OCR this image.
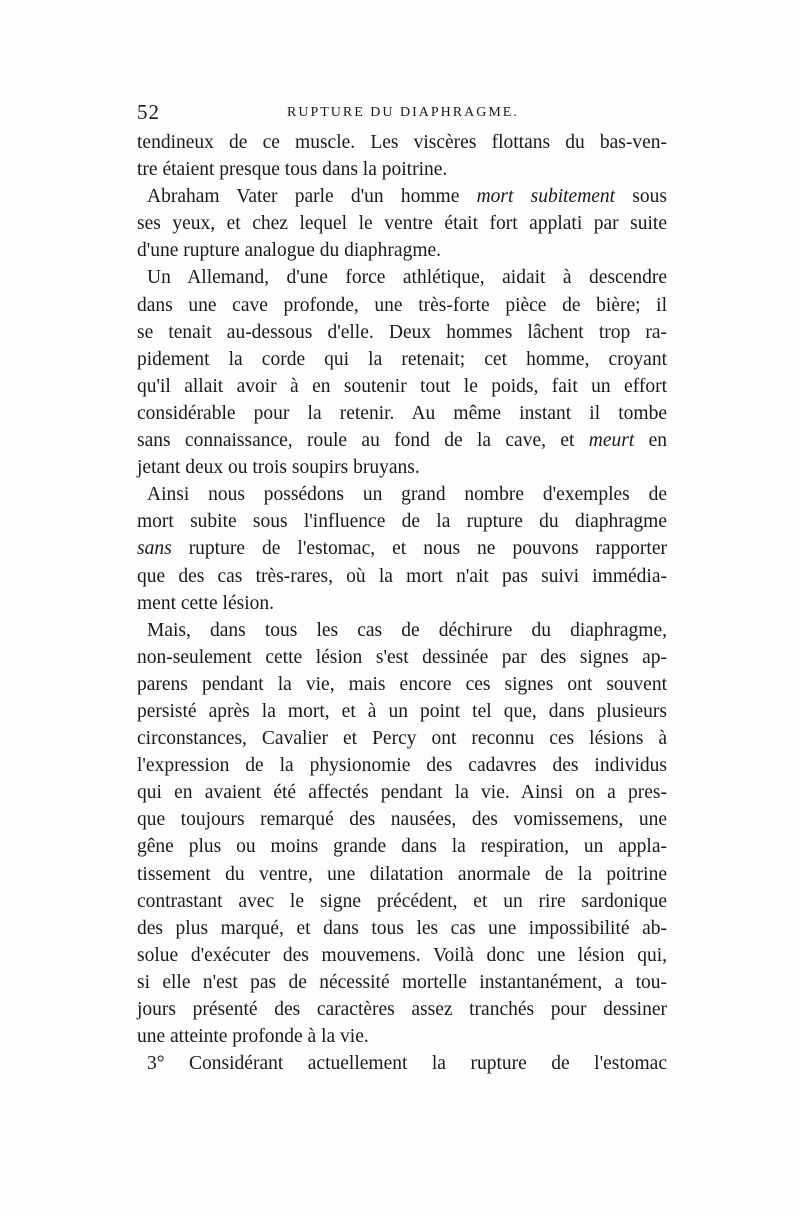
52	RUPTURE DU DIAPHRAGME.
tendineux de ce muscle. Les viscères flottans du bas-ven-
tre étaient presque tous dans la poitrine.
Abraham Vater parle d'un homme mort subitement sous
ses yeux, et chez lequel le ventre était fort applati par suite
d'une rupture analogue du diaphragme.
Un Allemand, d'une force athlétique, aidait à descendre
dans une cave profonde, une très-forte pièce de bière; il
se tenait au-dessous d'elle. Deux hommes lâchent trop ra-
pidement la corde qui la retenait; cet homme, croyant
qu'il allait avoir à en soutenir tout le poids, fait un effort
considérable pour la retenir. Au même instant il tombe
sans connaissance, roule au fond de la cave, et meurt en
jetant deux ou trois soupirs bruyans.
Ainsi nous possédons un grand nombre d'exemples de
mort subite sous l'influence de la rupture du diaphragme
sans rupture de l'estomac, et nous ne pouvons rapporter
que des cas très-rares, où la mort n'ait pas suivi immédia-
ment cette lésion.
Mais, dans tous les cas de déchirure du diaphragme,
non-seulement cette lésion s'est dessinée par des signes ap-
parens pendant la vie, mais encore ces signes ont souvent
persisté après la mort, et à un point tel que, dans plusieurs
circonstances, Cavalier et Percy ont reconnu ces lésions à
l'expression de la physionomie des cadavres des individus
qui en avaient été affectés pendant la vie. Ainsi on a pres-
que toujours remarqué des nausées, des vomissemens, une
gêne plus ou moins grande dans la respiration, un appla-
tissement du ventre, une dilatation anormale de la poitrine
contrastant avec le signe précédent, et un rire sardonique
des plus marqué, et dans tous les cas une impossibilité ab-
solue d'exécuter des mouvemens. Voilà donc une lésion qui,
si elle n'est pas de nécessité mortelle instantanément, a tou-
jours présenté des caractères assez tranchés pour dessiner
une atteinte profonde à la vie.
3° Considérant actuellement la rupture de l'estomac
